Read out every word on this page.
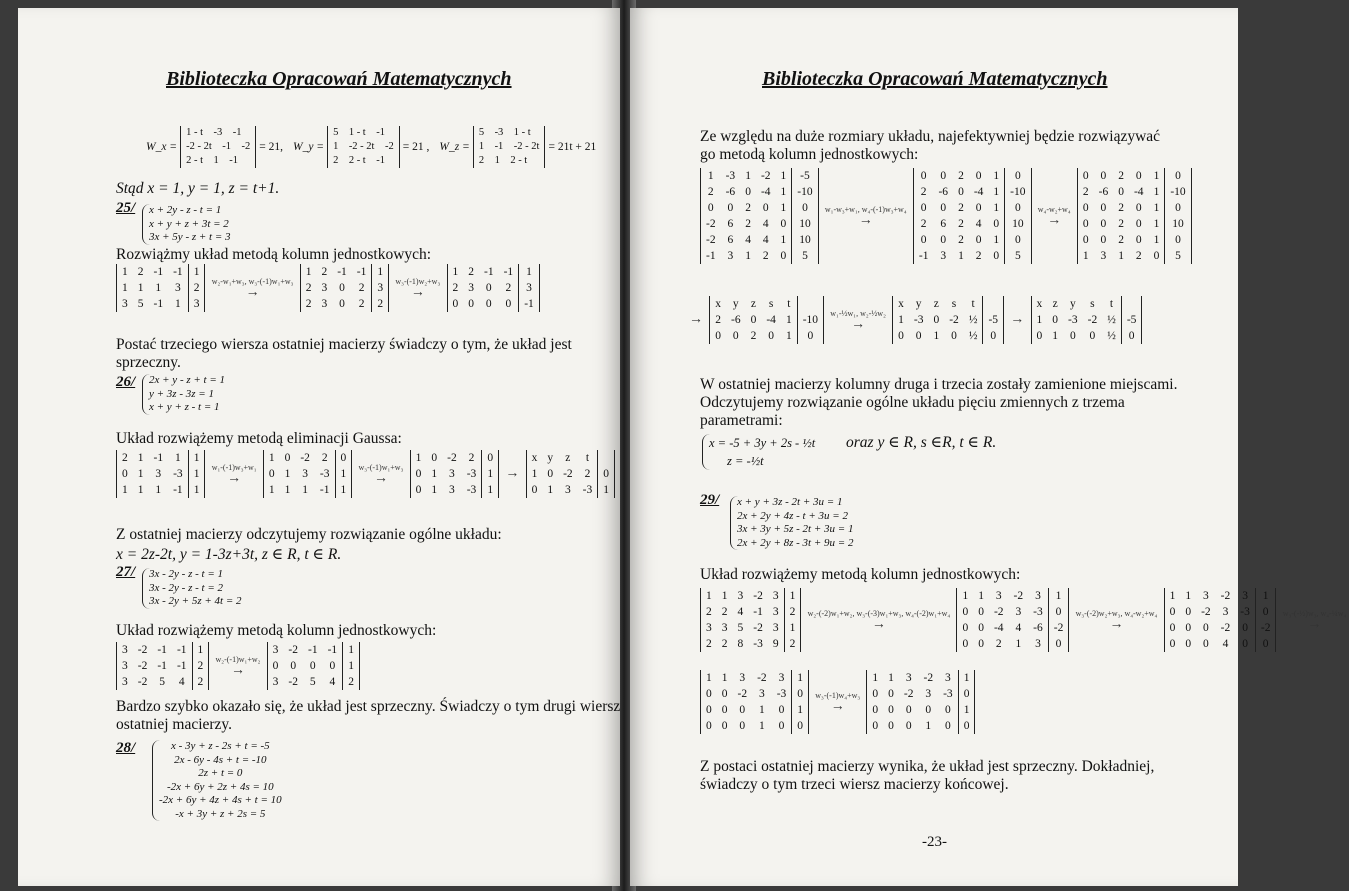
Biblioteczka Opracowań Matematycznych
W_x =
1 - t    -3    -1
-2 - 2t    -1    -2
2 - t    1    -1
= 21, W_y =
5    1 - t    -1
1    -2 - 2t    -2
2    2 - t    -1
= 21 , W_z =
5    -3    1 - t
1    -1    -2 - 2t
2    1    2 - t
= 21t + 21
Stąd x = 1, y = 1, z = t+1.
25/ x + 2y - z - t = 1
x + y + z + 3t = 2
3x + 5y - z + t = 3
Rozwiążmy układ metodą kolumn jednostkowych:
1	2	-1	-1	1
1	1	1	3	2
3	5	-1	1	3 w₂-w₁+w₃, w₃-(-1)w₁+w₃
→
1	2	-1	-1	1
2	3	0	2	3
2	3	0	2	2 w₃-(-1)w₂+w₃
→
1	2	-1	-1	1
2	3	0	2	3
0	0	0	0	-1
Postać trzeciego wiersza ostatniej macierzy świadczy o tym, że układ jest sprzeczny.
26/ 2x + y - z + t = 1
y + 3z - 3z = 1
x + y + z - t = 1
Układ rozwiążemy metodą eliminacji Gaussa:
2	1	-1	1	1
0	1	3	-3	1
1	1	1	-1	1 w₁-(-1)w₃+w₁
→
1	0	-2	2	0
0	1	3	-3	1
1	1	1	-1	1 w₃-(-1)w₁+w₃
→
1	0	-2	2	0
0	1	3	-3	1
0	1	3	-3	1
→
x	y	z	t	
1	0	-2	2	0
0	1	3	-3	1
Z ostatniej macierzy odczytujemy rozwiązanie ogólne układu:
x = 2z-2t, y = 1-3z+3t, z ∈ R, t ∈ R.
27/ 3x - 2y - z - t = 1
3x - 2y - z - t = 2
3x - 2y + 5z + 4t = 2
Układ rozwiążemy metodą kolumn jednostkowych:
3	-2	-1	-1	1
3	-2	-1	-1	2
3	-2	5	4	2 w₂-(-1)w₁+w₂
→
3	-2	-1	-1	1
0	0	0	0	1
3	-2	5	4	2
Bardzo szybko okazało się, że układ jest sprzeczny. Świadczy o tym drugi wiersz ostatniej macierzy.
28/	x - 3y + z - 2s + t = -5
2x - 6y - 4s + t = -10
2z + t = 0
-2x + 6y + 2z + 4s = 10
-2x + 6y + 4z + 4s + t = 10
-x + 3y + z + 2s = 5
Biblioteczka Opracowań Matematycznych
Ze względu na duże rozmiary układu, najefektywniej będzie rozwiązywać
go metodą kolumn jednostkowych:
1	-3	1	-2	1	-5
2	-6	0	-4	1	-10
0	0	2	0	1	0
-2	6	2	4	0	10
-2	6	4	4	1	10
-1	3	1	2	0	5 w₁-w₃+w₁, w₄-(-1)w₃+w₄
→
0	0	2	0	1	0
2	-6	0	-4	1	-10
0	0	2	0	1	0
2	6	2	4	0	10
0	0	2	0	1	0
-1	3	1	2	0	5 w₄-w₂+w₄
→
0	0	2	0	1	0
2	-6	0	-4	1	-10
0	0	2	0	1	0
0	0	2	0	1	10
0	0	2	0	1	0
1	3	1	2	0	5
→
x	y	z	s	t	
2	-6	0	-4	1	-10
0	0	2	0	1	0 w₁-½w₁, w₂-½w₂
→
x	y	z	s	t	
1	-3	0	-2	½	-5
0	0	1	0	½	0
→
x	z	y	s	t	
1	0	-3	-2	½	-5
0	1	0	0	½	0
W ostatniej macierzy kolumny druga i trzecia zostały zamienione miejscami.
Odczytujemy rozwiązanie ogólne układu pięciu zmiennych z trzema
parametrami:
x = -5 + 3y + 2s - ½t
z = -½t
oraz y ∈ R, s ∈R, t ∈ R.
29/ x + y + 3z - 2t + 3u = 1
2x + 2y + 4z - t + 3u = 2
3x + 3y + 5z - 2t + 3u = 1
2x + 2y + 8z - 3t + 9u = 2
Układ rozwiążemy metodą kolumn jednostkowych:
1	1	3	-2	3	1
2	2	4	-1	3	2
3	3	5	-2	3	1
2	2	8	-3	9	2 w₂-(-2)w₁+w₂, w₃-(-3)w₁+w₃, w₄-(-2)w₁+w₄
→
1	1	3	-2	3	1
0	0	-2	3	-3	0
0	0	-4	4	-6	-2
0	0	2	1	3	0 w₃-(-2)w₂+w₃, w₄-w₂+w₄
→
1	1	3	-2	3	1
0	0	-2	3	-3	0
0	0	0	-2	0	-2
0	0	0	4	0	0 w₃-(-½)w₃, w₄-¼w₄
→
1	1	3	-2	3	1
0	0	-2	3	-3	0
0	0	0	1	0	1
0	0	0	1	0	0 w₃-(-1)w₄+w₃
→
1	1	3	-2	3	1
0	0	-2	3	-3	0
0	0	0	0	0	1
0	0	0	1	0	0
Z postaci ostatniej macierzy wynika, że układ jest sprzeczny. Dokładniej,
świadczy o tym trzeci wiersz macierzy końcowej.
-23-
